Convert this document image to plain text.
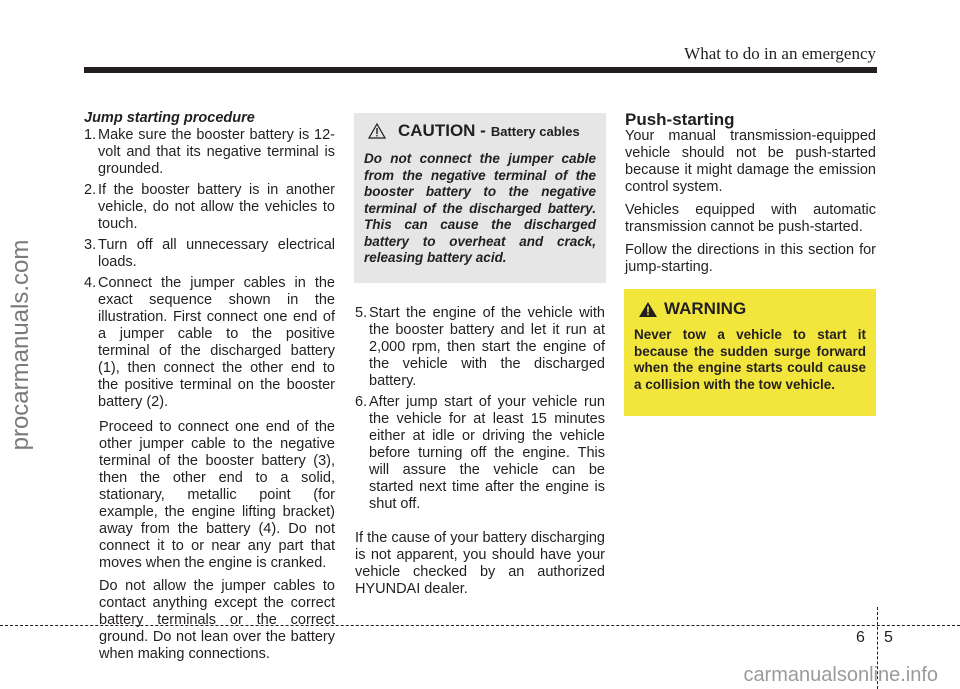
What to do in an emergency
procarmanuals.com

Jump starting procedure

1. Make sure the booster battery is 12-volt and that its negative terminal is grounded.
2. If the booster battery is in another vehicle, do not allow the vehicles to touch.
3. Turn off all unnecessary electrical loads.
4. Connect the jumper cables in the exact sequence shown in the illustration. First connect one end of a jumper cable to the positive terminal of the discharged battery (1), then connect the other end to the positive terminal on the booster battery (2).

Proceed to connect one end of the other jumper cable to the negative terminal of the booster battery (3), then the other end to a solid, stationary, metallic point (for example, the engine lifting bracket) away from the battery (4). Do not connect it to or near any part that moves when the engine is cranked.

Do not allow the jumper cables to contact anything except the correct battery terminals or the correct ground. Do not lean over the battery when making connections.

CAUTION - Battery cables

Do not connect the jumper cable from the negative terminal of the booster battery to the negative terminal of the discharged battery. This can cause the discharged battery to overheat and crack, releasing battery acid.

5. Start the engine of the vehicle with the booster battery and let it run at 2,000 rpm, then start the engine of the vehicle with the discharged battery.
6. After jump start of your vehicle run the vehicle for at least 15 minutes either at idle or driving the vehicle before turning off the engine. This will assure the vehicle can be started next time after the engine is shut off.

If the cause of your battery discharging is not apparent, you should have your vehicle checked by an authorized HYUNDAI dealer.

Push-starting

Your manual transmission-equipped vehicle should not be push-started because it might damage the emission control system.

Vehicles equipped with automatic transmission cannot be push-started.

Follow the directions in this section for jump-starting.

WARNING

Never tow a vehicle to start it because the sudden surge forward when the engine starts could cause a collision with the tow vehicle.

6 5
carmanualsonline.info
